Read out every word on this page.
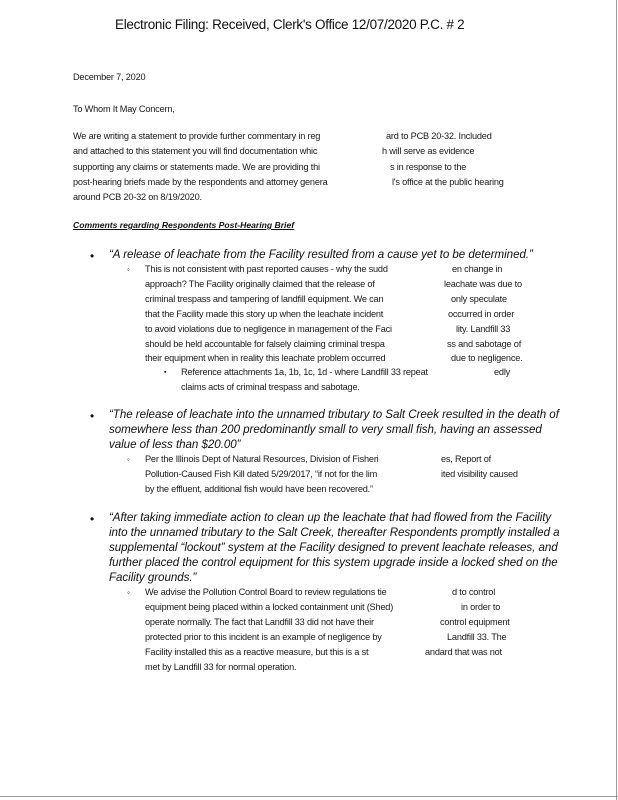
Electronic Filing: Received, Clerk's Office 12/07/2020 P.C. # 2
December 7, 2020
To Whom It May Concern,
We are writing a statement to provide further commentary in reg	ard to PCB 20-32. Included
and attached to this statement you will find documentation whic	h will serve as evidence
supporting any claims or statements made. We are providing thi	s in response to the
post-hearing briefs made by the respondents and attorney genera	l's office at the public hearing
around PCB 20-32 on 8/19/2020.
Comments regarding Respondents Post-Hearing Brief
• “A release of leachate from the Facility resulted from a cause yet to be determined.”
◦ This is not consistent with past reported causes - why the sudd	en change in
approach? The Facility originally claimed that the release of	leachate was due to
criminal trespass and tampering of landfill equipment. We can	only speculate
that the Facility made this story up when the leachate incident	occurred in order
to avoid violations due to negligence in management of the Faci	lity. Landfill 33
should be held accountable for falsely claiming criminal trespa	ss and sabotage of
their equipment when in reality this leachate problem occurred	due to negligence.
▪ Reference attachments 1a, 1b, 1c, 1d - where Landfill 33 repeat	edly
claims acts of criminal trespass and sabotage.
• “The release of leachate into the unnamed tributary to Salt Creek resulted in the death of
somewhere less than 200 predominantly small to very small fish, having an assessed
value of less than $20.00”
◦ Per the Illinois Dept of Natural Resources, Division of Fisheri	es, Report of
Pollution-Caused Fish Kill dated 5/29/2017, “if not for the lim	ited visibility caused
by the effluent, additional fish would have been recovered.”
• “After taking immediate action to clean up the leachate that had flowed from the Facility
into the unnamed tributary to the Salt Creek, thereafter Respondents promptly installed a
supplemental “lockout” system at the Facility designed to prevent leachate releases, and
further placed the control equipment for this system upgrade inside a locked shed on the
Facility grounds.”
◦ We advise the Pollution Control Board to review regulations tie	d to control
equipment being placed within a locked containment unit (Shed)	in order to
operate normally. The fact that Landfill 33 did not have their	control equipment
protected prior to this incident is an example of negligence by	Landfill 33. The
Facility installed this as a reactive measure, but this is a st	andard that was not
met by Landfill 33 for normal operation.
